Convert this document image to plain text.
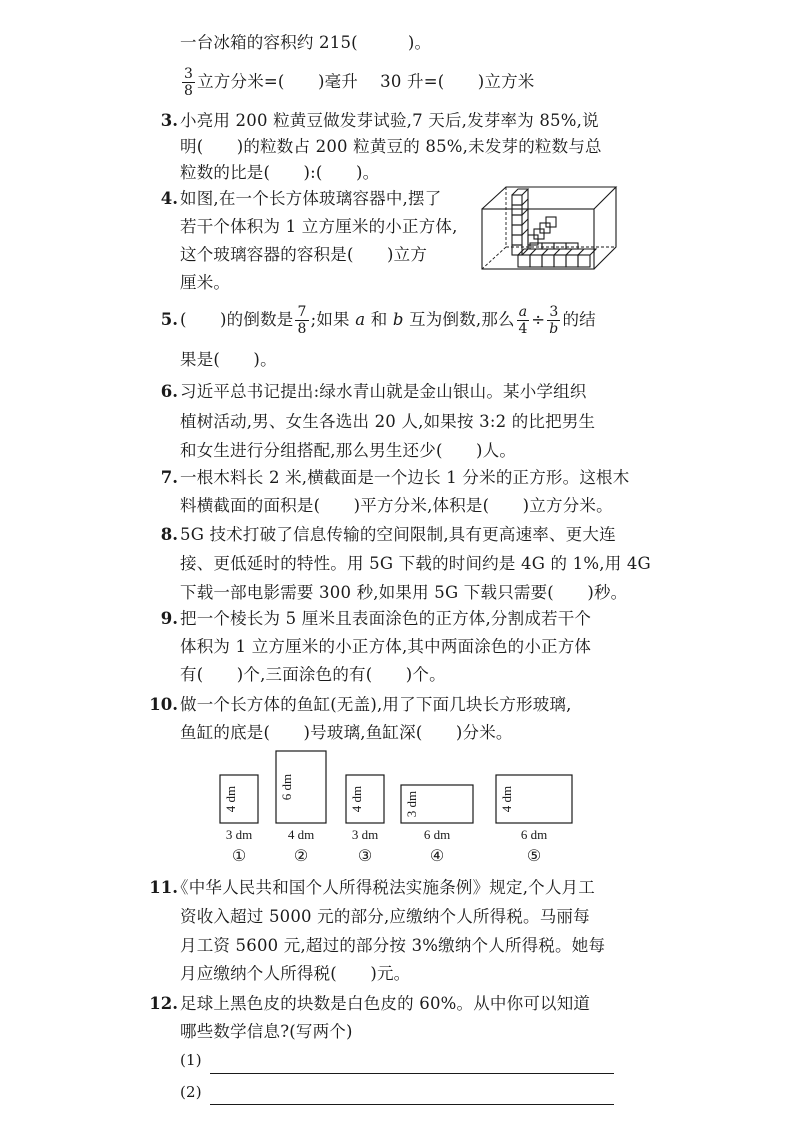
一台冰箱的容积约 215(　　　)。
$\frac{3}{8}$ 立方分米=(　　)毫升　 30 升=(　　)立方米
3. 小亮用 200 粒黄豆做发芽试验,7 天后,发芽率为 85%,说
明(　　)的粒数占 200 粒黄豆的 85%,未发芽的粒数与总
粒数的比是(　　):(　　)。
4. 如图,在一个长方体玻璃容器中,摆了
若干个体积为 1 立方厘米的小正方体,
这个玻璃容器的容积是(　　)立方
厘米。
5. (　　)的倒数是 $\frac{7}{8}$ ;如果 a 和 b 互为倒数,那么 $\frac{a}{4} \div \frac{3}{b}$ 的结
果是(　　)。
6. 习近平总书记提出:绿水青山就是金山银山。某小学组织
植树活动,男、女生各选出 20 人,如果按 3:2 的比把男生
和女生进行分组搭配,那么男生还少(　　)人。
7. 一根木料长 2 米,横截面是一个边长 1 分米的正方形。这根木
料横截面的面积是(　　)平方分米,体积是(　　)立方分米。
8. 5G 技术打破了信息传输的空间限制,具有更高速率、更大连
接、更低延时的特性。用 5G 下载的时间约是 4G 的 1%,用 4G
下载一部电影需要 300 秒,如果用 5G 下载只需要(　　)秒。
9. 把一个棱长为 5 厘米且表面涂色的正方体,分割成若干个
体积为 1 立方厘米的小正方体,其中两面涂色的小正方体
有(　　)个,三面涂色的有(　　)个。
10. 做一个长方体的鱼缸(无盖),用了下面几块长方形玻璃,
鱼缸的底是(　　)号玻璃,鱼缸深(　　)分米。
4 dm	6 dm	4 dm	3 dm	4 dm
3 dm	4 dm	3 dm	6 dm	6 dm
①	②	③	④	⑤
11.
《中华人民共和国个人所得税法实施条例》规定,个人月工
资收入超过 5000 元的部分,应缴纳个人所得税。马丽每
月工资 5600 元,超过的部分按 3%缴纳个人所得税。她每
月应缴纳个人所得税(　　)元。
12. 足球上黑色皮的块数是白色皮的 60%。从中你可以知道
哪些数学信息?(写两个)
(1)
(2)
